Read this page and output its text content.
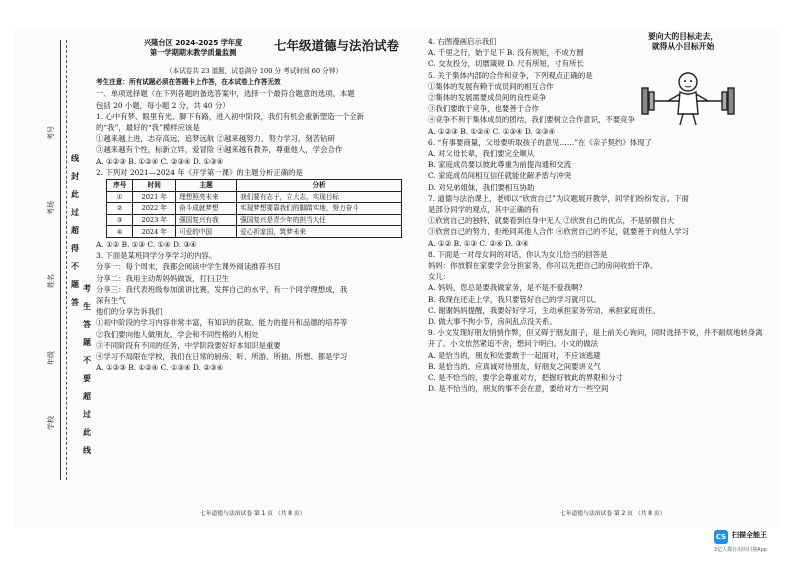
考号
考场
姓名
年级
学校
线
封
此
过
超
得
不
题
答
考
生
答
题
不
要
超
过
此
线
兴隆台区 2024-2025 学年度
第一学期期末教学质量监测	七年级道德与法治试卷
（本试卷共 23 道题，试卷满分 100 分 考试时间 60 分钟）
考生注意：所有试题必须在答题卡上作答，在本试卷上作答无效
一、单项选择题（在下列各题的备选答案中，选择一个最符合题意的选项。本题
包括 20 小题，每小题 2 分，共 40 分）
1. 心中有梦、眼里有光、脚下有路，进入初中阶段，我们有机会重新塑造一个全新
的“我”，最好的“我”模样应该是
①越来越上进，志存高远，追梦远航 ②越来越努力，努力学习，刻苦钻研
③越来越有个性，标新立异，爱冒险 ④越来越有教养，尊重他人，学会合作
A. ①②③ B. ①②④ C. ②③④ D. ①③④
2. 下列对 2021—2024 年《开学第一课》的主题分析正确的是
序号	时间	主题	分析
①	2021 年	理想照亮未来	我们要有志于，立大志，实现目标
②	2022 年	奋斗成就梦想	实现梦想要靠我们的脚踏实地，努力奋斗
③	2023 年	强国复兴有我	强国复兴是青少年的担当大任
④	2024 年	可爱的中国	爱心祈家国，筑梦未来
A. ①② B. ①③ C. ①④ D. ③④
3. 下面是某班同学分享学习的内容。
分享一：每个周末，我都会阅读中学生课外阅读推荐书目
分享二：我用主动帮妈妈做饭，打扫卫生
分享三：我代表班级参加演讲比赛，发挥自己的水平，有一个同学理想成，我
深有生气
他们的分享告诉我们
①初中阶段的学习内容非常丰富，有知识的获取、能力的提升和品德的培养等
②我们要向他人做朋友，学会和不同性格的人相处
③不同阶段有不同的任务，中学阶段要好好本知识是重要
④学习不局限在学校，我们在日常的厨房、听、所游、所抽、所想、都是学习
A. ①②③ B. ①②④ C. ①③④ D. ②③④
七年道德与法治试卷 第 1 页 （共 8 页）
4. 右图漫画启示我们
A. 千里之行，始于足下 B. 没有规矩，不成方圆
C. 交友投分，切磨箴规 D. 尺有所短，寸有所长
5. 关于集体内部的合作和竞争，下列观点正确的是
①集体的发展有赖于成员间的相互合作
②集体的发展需要成员间的良性竞争
③我们要敢于竞争，也要善于合作
④竞争不利于集体成员的团结，我们要树立合作意识，不要竞争
A. ①②③ B. ①②④ C. ①③④ D. ②③④
6. “有事要商量，父母要听取孩子的意见……”在《亲子契约》体现了
A. 对父母长辈，我们要完全顺从
B. 家庭成员要以彼此尊重为前提沟通和交流
C. 家庭成员间相互信任就能化解矛盾与冲突
D. 对兄弟姐妹，我们要相互协助
7. 道德与法治课上，老师以“欣赏自己”为议题展开教学，同学们纷纷发言。下面
是部分同学的观点，其中正确的有
①欣赏自己的独特，就要看到自身中无人 ②欣赏自己的优点，不是骄傲自大
③欣赏自己的努力，拒绝同其他人合作 ④欣赏自己的不足，就要善于向他人学习
A. ①② B. ①③ C. ②④ D. ③④
8. 下面是一对母女间的对话，你认为女儿恰当的回答是
妈妈：你放假在家要学会分担家务，你可以先把自己的房间收拾干净。
女儿：
A. 妈妈，您总是要我做家务，是不是不爱我啊?
B. 我现在还走上学，我只要管好自己的学习就可以。
C. 谢谢妈妈提醒，我要好好学习，主动承担家务劳动，承担家庭责任。
D. 做大事不拘小节，房间乱点没关系。
9. 小文发现好朋友悄悄作弊，但又碍于朋友面子，是上前关心询问，同时选择不说，并不耐烦地转身离
开了。小文依然紧追不舍，想问个明白。小文的做法
A. 是恰当的，朋友和处要敢于一起面对，不应该逃避
B. 是恰当的，应真诚对待朋友，好朋友之间要讲义气
C. 是不恰当的，要学会尊重对方，把握好彼此的界限和分寸
D. 是不恰当的，朋友的事不会在意，要给对方一些空间
七年道德与法治试卷 第 2 页 （共 8 页）
要向大的目标走去，
就得从小目标开始
CS 扫描全能王
3亿人都在用的扫描App
